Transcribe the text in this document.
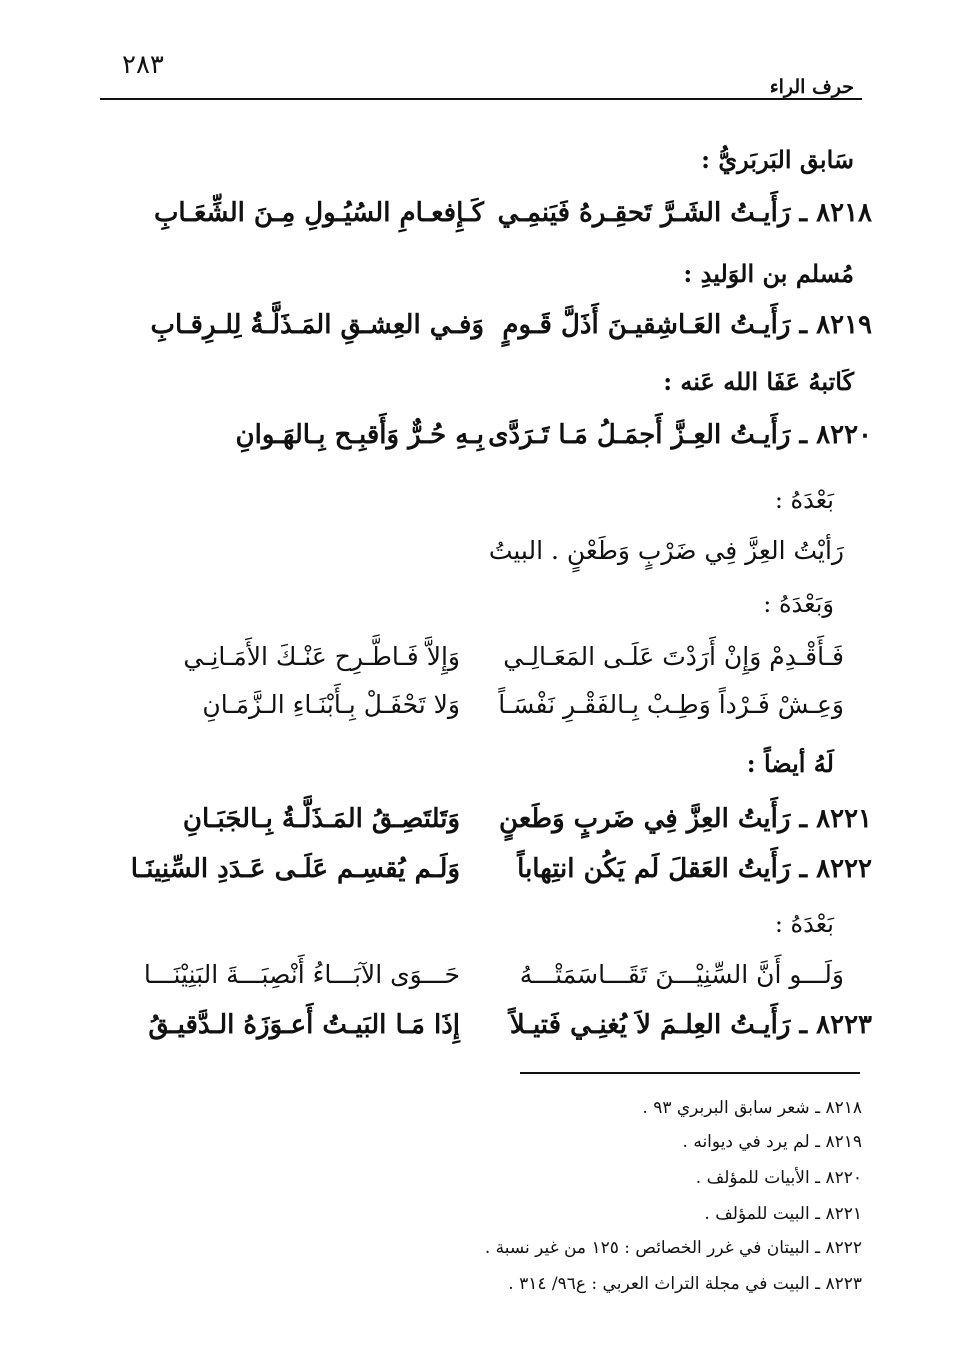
٢٨٣
حرف الراء
سَابق البَربَريُّ :
٨٢١٨ ـ رَأَيـتُ الشَـرَّ تَحقِـرهُ فَيَنمِـي
كَـإِفعـامِ السُيُـولِ مِـنَ الشِّعَـابِ
مُسلم بن الوَليدِ :
٨٢١٩ ـ رَأَيـتُ العَـاشِقيـنَ أَذَلَّ قَـومٍ
وَفـي العِشـقِ المَـذَلَّـةُ لِلـرِقـابِ
كَاتبهُ عَفَا الله عَنه :
٨٢٢٠ ـ رَأَيـتُ العِـزَّ أَجمَـلُ مَـا تَـرَدَّى
بِـهِ حُـرٌّ وَأَقبِـح بِـالهَـوانِ
بَعْدَهُ :
رَأيْتُ العِزَّ فِي ضَرْبٍ وَطَعْنٍ . البيتُ
وَبَعْدَهُ :
فَـأَقْـدِمْ وَإِنْ أَرَدْتَ عَلَـى المَعَـالِـي
وَإِلاَّ فَـاطَّـرِح عَنْـكَ الأَمَـانِـي
وَعِـشْ فَـرْداً وَطِـبْ بِـالفَقْـرِ نَفْسَـاً
وَلا تَحْفَـلْ بِـأَبْنَـاءِ الـزَّمَـانِ
لَهُ أيضاً :
٨٢٢١ ـ رَأَيتُ العِزَّ فِي ضَربٍ وَطَعنٍ
وَتَلتَصِـقُ المَـذَلَّـةُ بِـالجَبَـانِ
٨٢٢٢ ـ رَأَيتُ العَقلَ لَم يَكُن انتِهاباً
وَلَـم يُقسِـم عَلَـى عَـدَدِ السِّنِينَـا
بَعْدَهُ :
وَلَـــو أَنَّ السِّنِيْـــنَ تَقَـــاسَمَتْـــهُ
حَـــوَى الآبَـــاءُ أَنْصِبَـــةَ البَنِيْنَـــا
٨٢٢٣ ـ رَأَيـتُ العِلـمَ لاَ يُغنِـي فَتيـلاً
إِذَا مَـا البَيـتُ أَعـوَزَهُ الـدَّقيـقُ
٨٢١٨ ـ شعر سابق البربري ٩٣ .
٨٢١٩ ـ لم يرد في ديوانه .
٨٢٢٠ ـ الأبيات للمؤلف .
٨٢٢١ ـ البيت للمؤلف .
٨٢٢٢ ـ البيتان في غرر الخصائص : ١٢٥ من غير نسبة .
٨٢٢٣ ـ البيت في مجلة التراث العربي : ع٩٦/ ٣١٤ .
